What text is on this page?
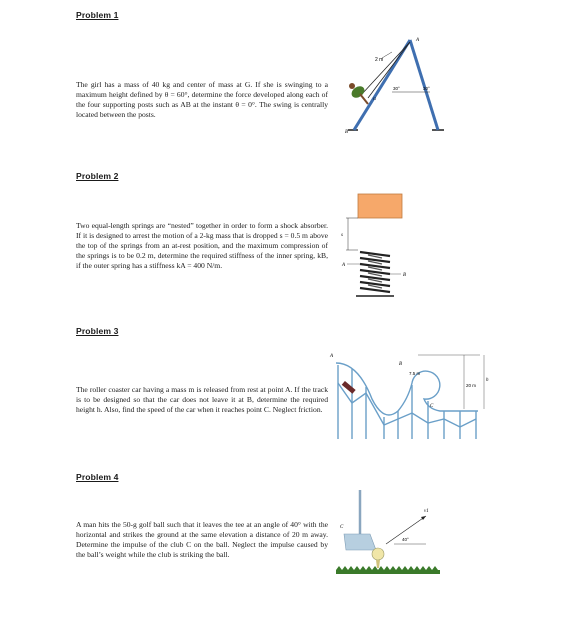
Problem 1
The girl has a mass of 40 kg and center of mass at G. If she is swinging to a maximum height defined by θ = 60°, determine the force developed along each of the four supporting posts such as AB at the instant θ = 0°. The swing is centrally located between the posts.
2 m
A
G
30°	30°
B
Problem 2
Two equal-length springs are “nested” together in order to form a shock absorber. If it is designed to arrest the motion of a 2-kg mass that is dropped s = 0.5 m above the top of the springs from an at-rest position, and the maximum compression of the springs is to be 0.2 m, determine the required stiffness of the inner spring, kB, if the outer spring has a stiffness kA = 400 N/m.
s
A
B
Problem 3
The roller coaster car having a mass m is released from rest at point A. If the track is to be designed so that the car does not leave it at B, determine the required height h. Also, find the speed of the car when it reaches point C. Neglect friction.
A
B
7.5 m
20 m
h
C
Problem 4
A man hits the 50-g golf ball such that it leaves the tee at an angle of 40° with the horizontal and strikes the ground at the same elevation a distance of 20 m away. Determine the impulse of the club C on the ball. Neglect the impulse caused by the ball’s weight while the club is striking the ball.
v1
40°
C
